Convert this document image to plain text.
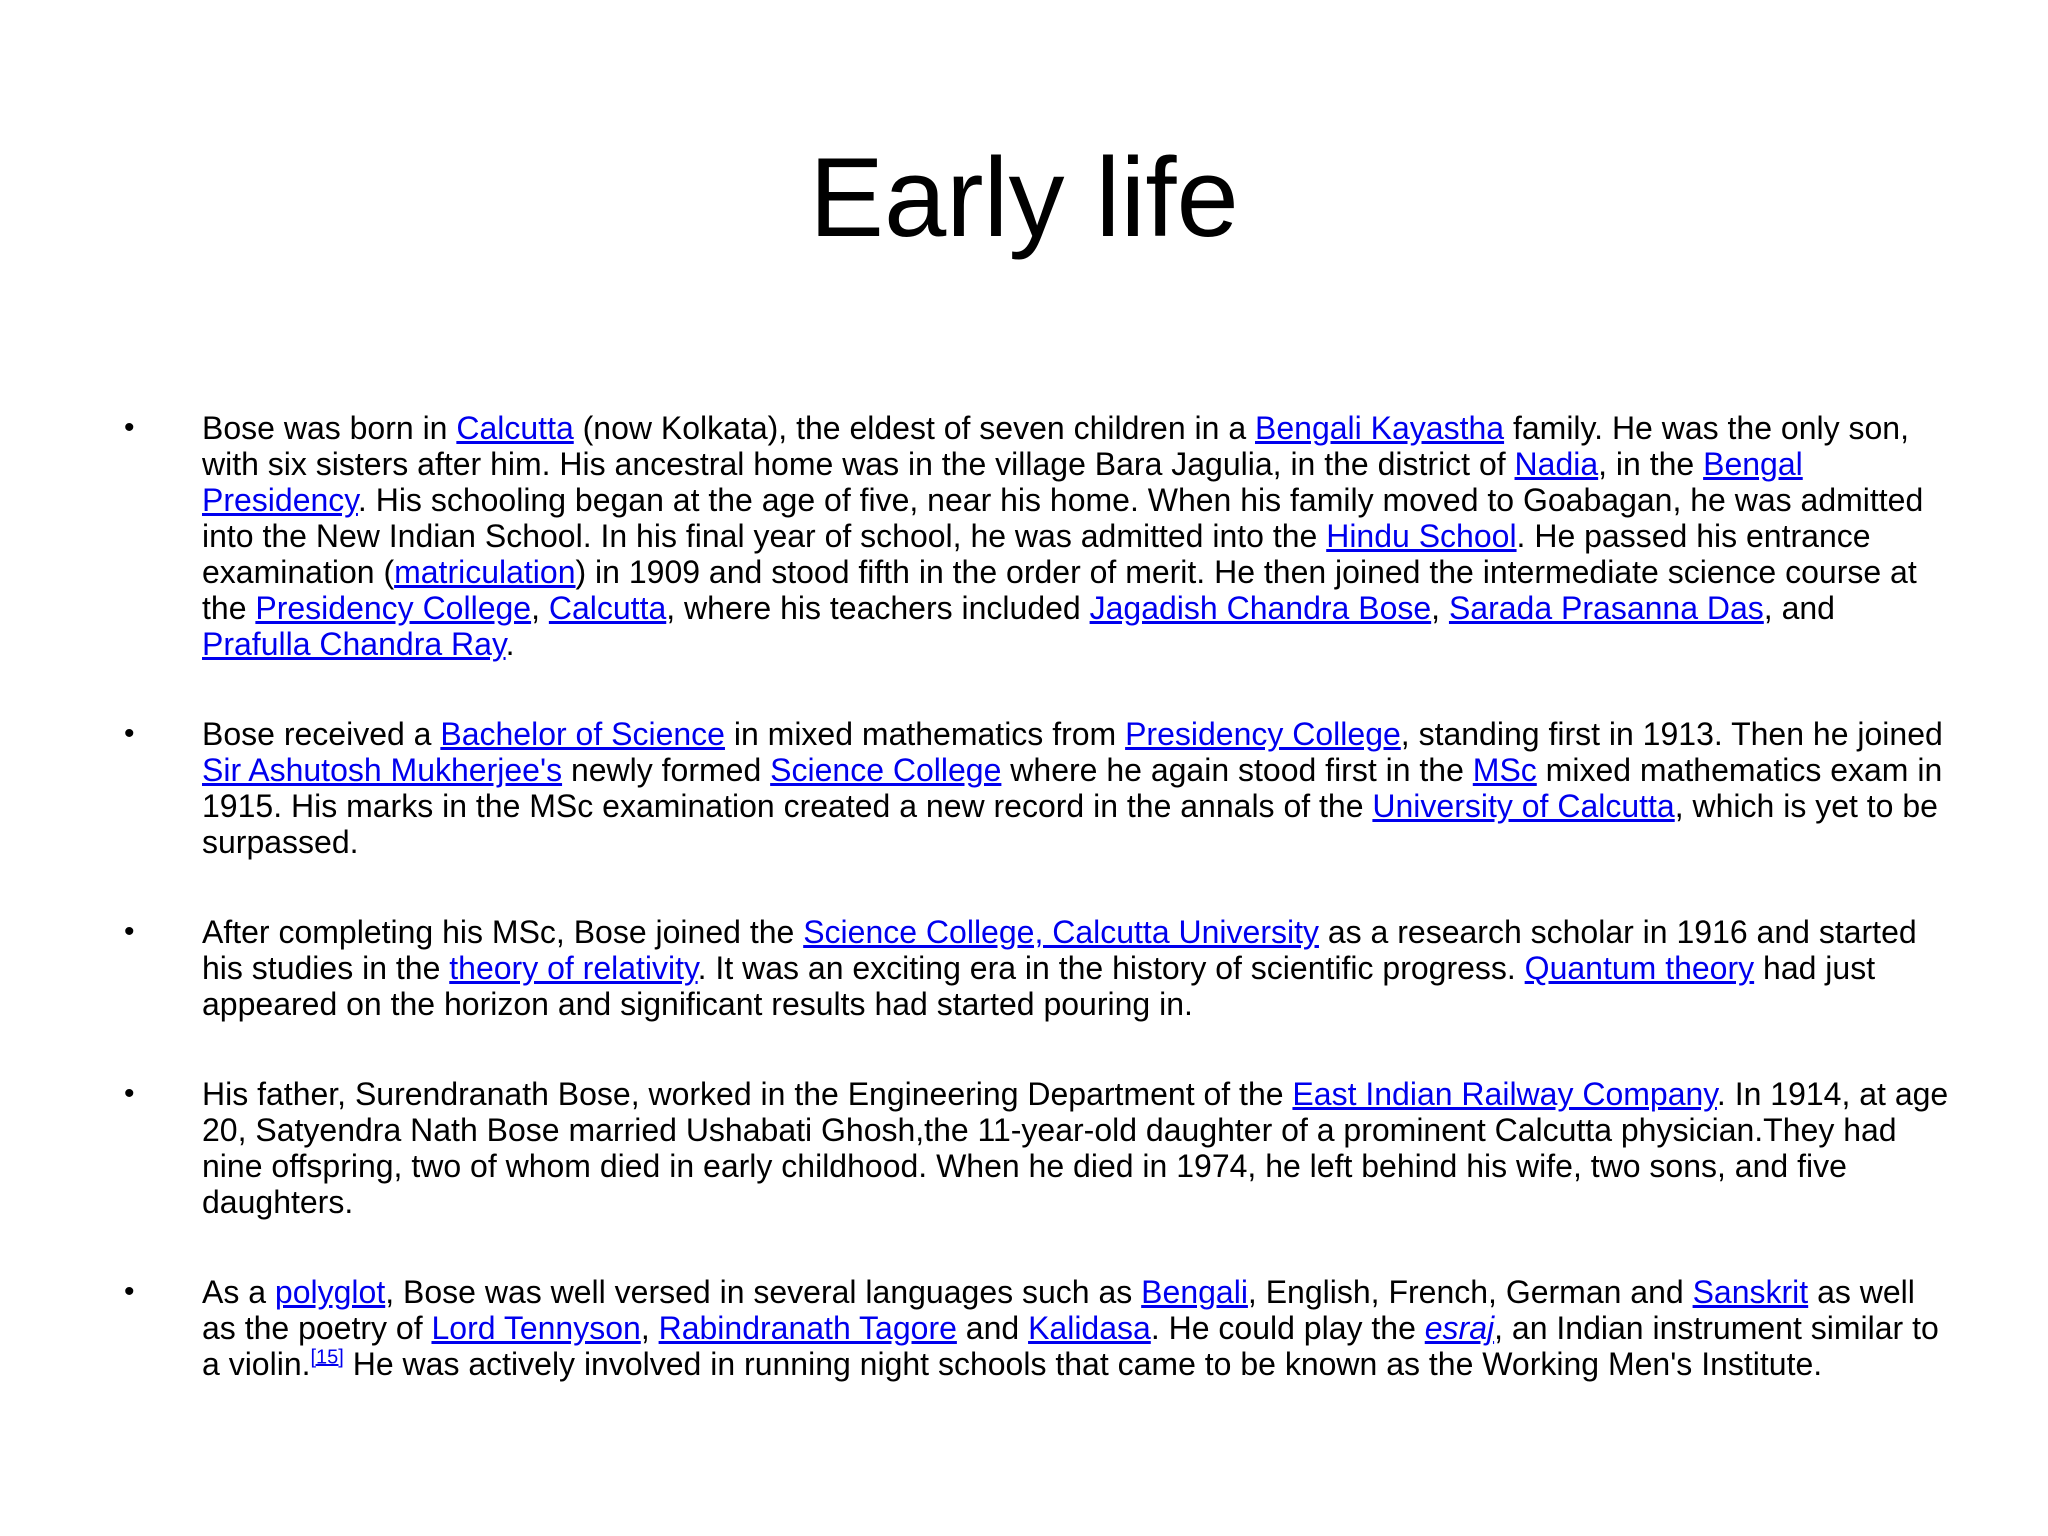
Early life
• Bose was born in Calcutta (now Kolkata), the eldest of seven children in a Bengali Kayastha family. He was the only son, with six sisters after him. His ancestral home was in the village Bara Jagulia, in the district of Nadia, in the Bengal Presidency. His schooling began at the age of five, near his home. When his family moved to Goabagan, he was admitted into the New Indian School. In his final year of school, he was admitted into the Hindu School. He passed his entrance examination (matriculation) in 1909 and stood fifth in the order of merit. He then joined the intermediate science course at the Presidency College, Calcutta, where his teachers included Jagadish Chandra Bose, Sarada Prasanna Das, and Prafulla Chandra Ray.
• Bose received a Bachelor of Science in mixed mathematics from Presidency College, standing first in 1913. Then he joined Sir Ashutosh Mukherjee's newly formed Science College where he again stood first in the MSc mixed mathematics exam in 1915. His marks in the MSc examination created a new record in the annals of the University of Calcutta, which is yet to be surpassed.
• After completing his MSc, Bose joined the Science College, Calcutta University as a research scholar in 1916 and started his studies in the theory of relativity. It was an exciting era in the history of scientific progress. Quantum theory had just appeared on the horizon and significant results had started pouring in.
• His father, Surendranath Bose, worked in the Engineering Department of the East Indian Railway Company. In 1914, at age 20, Satyendra Nath Bose married Ushabati Ghosh,the 11-year-old daughter of a prominent Calcutta physician.They had nine offspring, two of whom died in early childhood. When he died in 1974, he left behind his wife, two sons, and five daughters.
• As a polyglot, Bose was well versed in several languages such as Bengali, English, French, German and Sanskrit as well as the poetry of Lord Tennyson, Rabindranath Tagore and Kalidasa. He could play the esraj, an Indian instrument similar to a violin.[15] He was actively involved in running night schools that came to be known as the Working Men's Institute.
